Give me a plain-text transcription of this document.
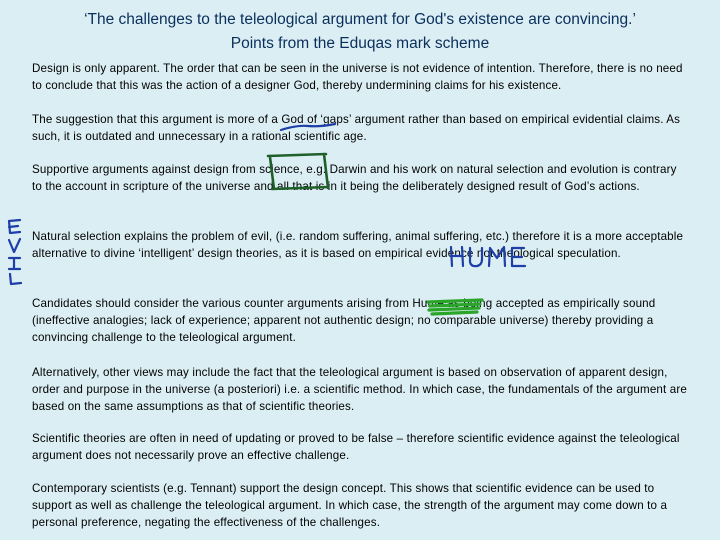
‘The challenges to the teleological argument for God's existence are convincing.’
Points from the Eduqas mark scheme
Design is only apparent. The order that can be seen in the universe is not evidence of intention. Therefore, there is no need to conclude that this was the action of a designer God, thereby undermining claims for his existence.
The suggestion that this argument is more of a God of ‘gaps’ argument rather than based on empirical evidential claims. As such, it is outdated and unnecessary in a rational scientific age.
Supportive arguments against design from science, e.g. Darwin and his work on natural selection and evolution is contrary to the account in scripture of the universe and all that is in it being the deliberately designed result of God’s actions.
Natural selection explains the problem of evil, (i.e. random suffering, animal suffering, etc.) therefore it is a more acceptable alternative to divine ‘intelligent’ design theories, as it is based on empirical evidence not theological speculation.
Candidates should consider the various counter arguments arising from Hume as being accepted as empirically sound (ineffective analogies; lack of experience; apparent not authentic design; no comparable universe) thereby providing a convincing challenge to the teleological argument.
Alternatively, other views may include the fact that the teleological argument is based on observation of apparent design, order and purpose in the universe (a posteriori) i.e. a scientific method. In which case, the fundamentals of the argument are based on the same assumptions as that of scientific theories.
Scientific theories are often in need of updating or proved to be false – therefore scientific evidence against the teleological argument does not necessarily prove an effective challenge.
Contemporary scientists (e.g. Tennant) support the design concept. This shows that scientific evidence can be used to support as well as challenge the teleological argument. In which case, the strength of the argument may come down to a personal preference, negating the effectiveness of the challenges.
